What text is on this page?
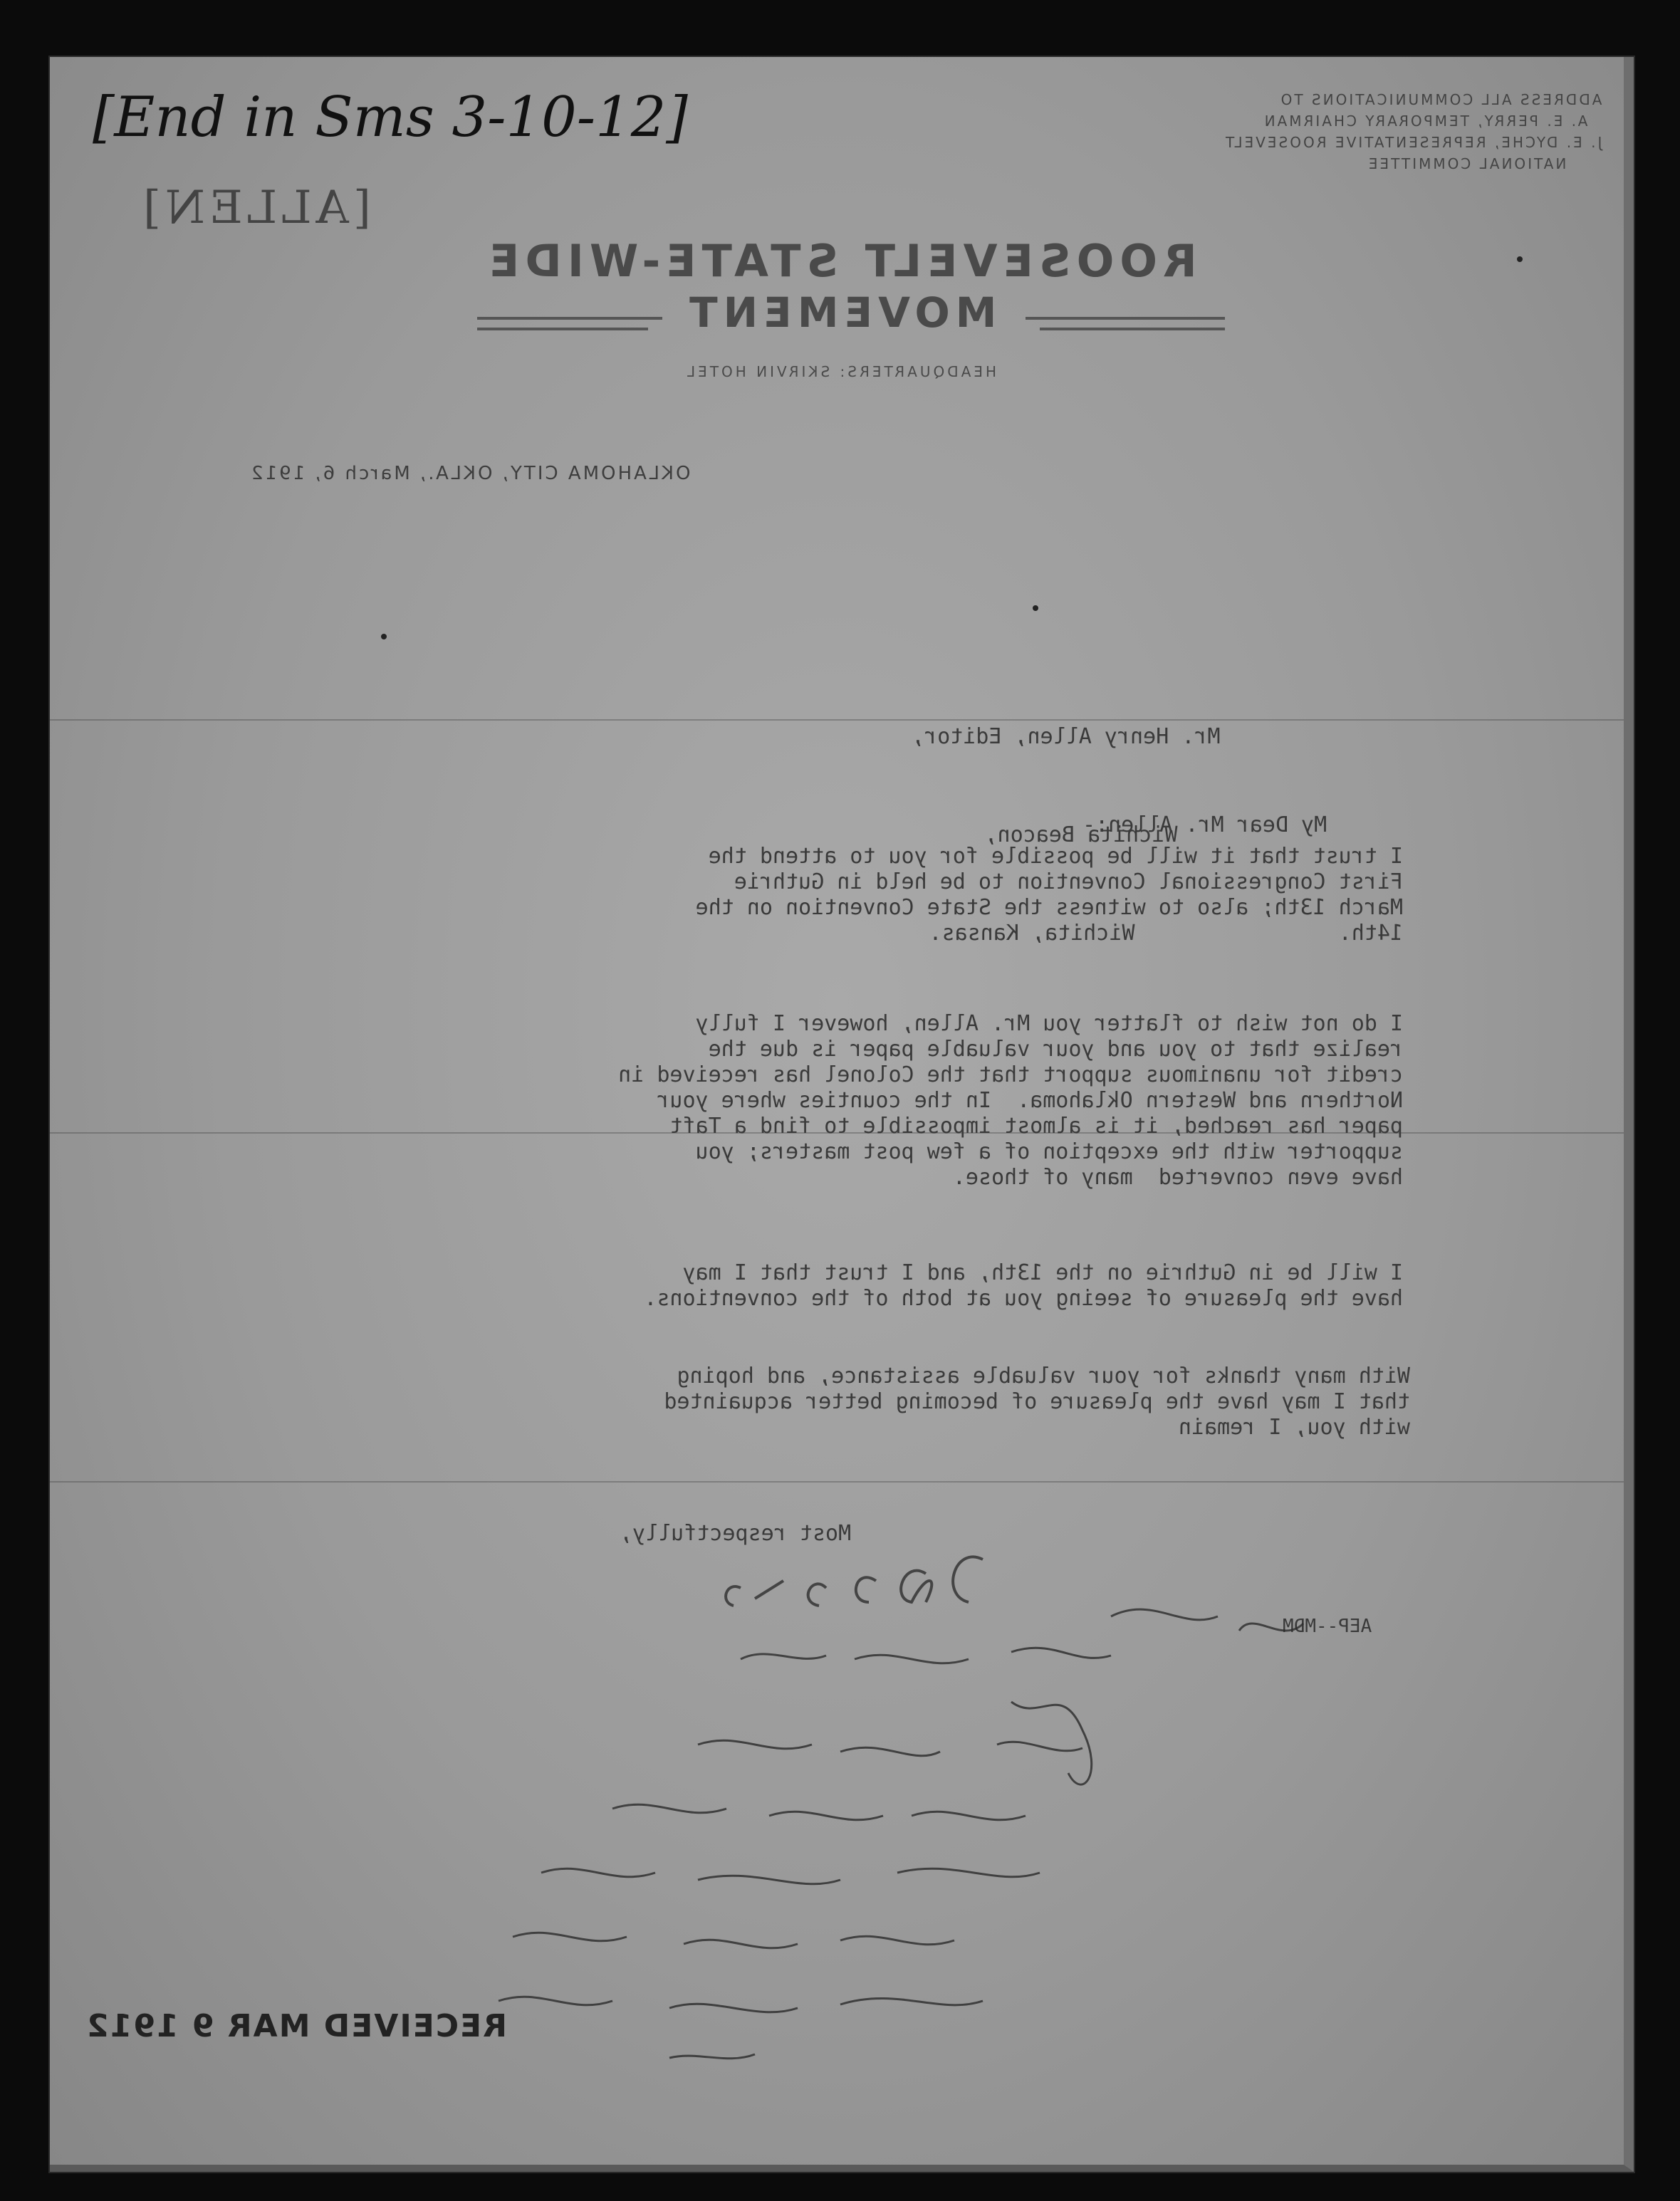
[End in Sms 3-10-12]
[ALLEN]
ADDRESS ALL COMMUNICATIONS TO
A. E. PERRY, TEMPORARY CHAIRMAN
J. E. DYCHE, REPRESENTATIVE ROOSEVELT
NATIONAL COMMITTEE
ROOSEVELT STATE-WIDE
MOVEMENT
HEADQUARTERS: SKIRVIN HOTEL
OKLAHOMA CITY, OKLA., March 6, 1912

Mr. Henry Allen, Editor,

Wichita Beacon,

Wichita, Kansas.

My Dear Mr. Allen:-

I trust that it will be possible for you to attend the
First Congressional Convention to be held in Guthrie
March 13th; also to witness the State Convention on the
14th.
I do not wish to flatter you Mr. Allen, however I fully
realize that to you and your valuable paper is due the
credit for unanimous support that the Colonel has received in
Northern and Western Oklahoma.  In the counties where your
paper has reached, it is almost impossible to find a Taft
supporter with the exception of a few post masters; you
have even converted  many of those.
I will be in Guthrie on the 13th, and I trust that I may
have the pleasure of seeing you at both of the conventions.
With many thanks for your valuable assistance, and hoping
that I may have the pleasure of becoming better acquainted
with you, I remain

Most respectfully,

AEP--MDM

RECEIVED MAR 9 1912
